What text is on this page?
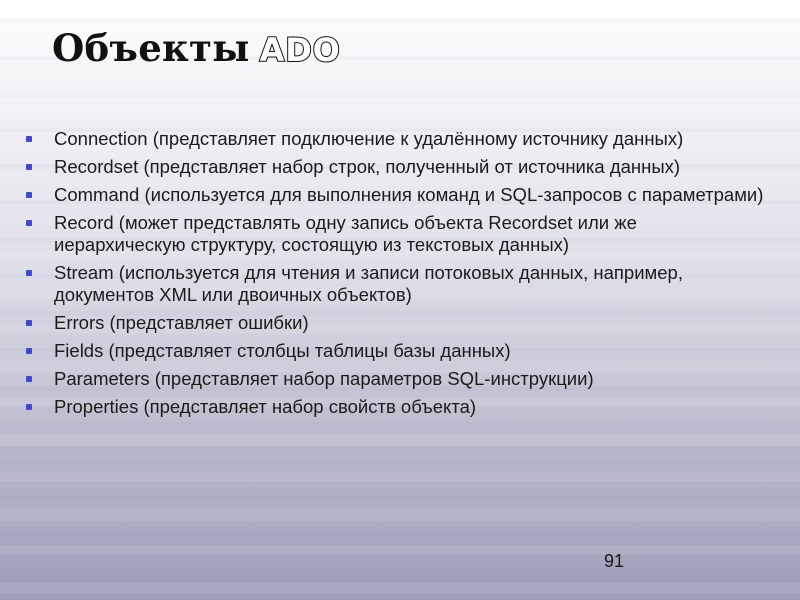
Объекты ADO
Connection (представляет подключение к удалённому источнику данных)
Recordset (представляет набор строк, полученный от источника данных)
Command (используется для выполнения команд и SQL-запросов с параметрами)
Record (может представлять одну запись объекта Recordset или же иерархическую структуру, состоящую из текстовых данных)
Stream (используется для чтения и записи потоковых данных, например, документов XML или двоичных объектов)
Errors (представляет ошибки)
Fields (представляет столбцы таблицы базы данных)
Parameters (представляет набор параметров SQL-инструкции)
Properties (представляет набор свойств объекта)
91
